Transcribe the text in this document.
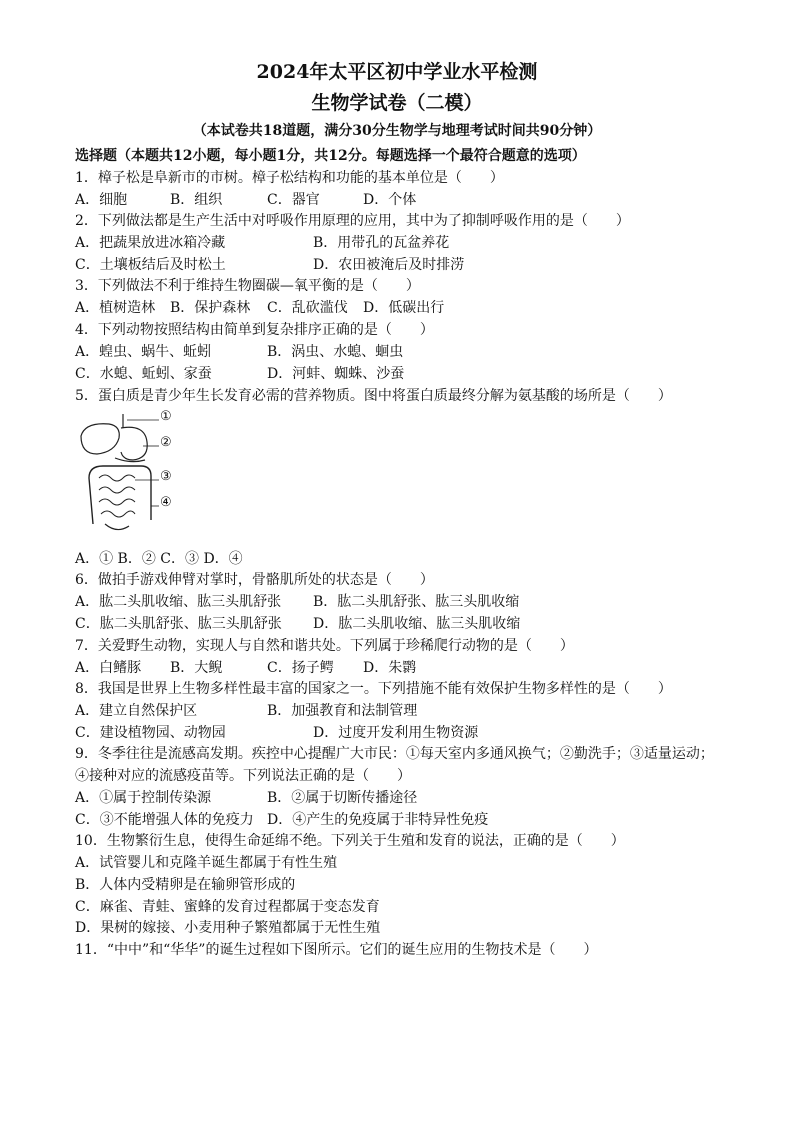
2024年太平区初中学业水平检测
生物学试卷（二模）
（本试卷共18道题，满分30分生物学与地理考试时间共90分钟）
选择题（本题共12小题，每小题1分，共12分。每题选择一个最符合题意的选项）
1．樟子松是阜新市的市树。樟子松结构和功能的基本单位是（　　）
A．细胞	B．组织	C．器官	D．个体
2．下列做法都是生产生活中对呼吸作用原理的应用，其中为了抑制呼吸作用的是（　　）
A．把蔬果放进冰箱冷藏	B．用带孔的瓦盆养花
C．土壤板结后及时松土	D．农田被淹后及时排涝
3．下列做法不利于维持生物圈碳—氧平衡的是（　　）
A．植树造林 B．保护森林 C．乱砍滥伐 D．低碳出行
4．下列动物按照结构由简单到复杂排序正确的是（　　）
A．蝗虫、蜗牛、蚯蚓	B．涡虫、水螅、蛔虫
C．水螅、蚯蚓、家蚕	D．河蚌、蜘蛛、沙蚕
5．蛋白质是青少年生长发育必需的营养物质。图中将蛋白质最终分解为氨基酸的场所是（　　）
①
②
③
④
A．① B．② C．③ D．④
6．做拍手游戏伸臂对掌时，骨骼肌所处的状态是（　　）
A．肱二头肌收缩、肱三头肌舒张 B．肱二头肌舒张、肱三头肌收缩
C．肱二头肌舒张、肱三头肌舒张 D．肱二头肌收缩、肱三头肌收缩
7．关爱野生动物，实现人与自然和谐共处。下列属于珍稀爬行动物的是（　　）
A．白鳍豚 B．大鲵	C．扬子鳄 D．朱鹮
8．我国是世界上生物多样性最丰富的国家之一。下列措施不能有效保护生物多样性的是（　　）
A．建立自然保护区	B．加强教育和法制管理
C．建设植物园、动物园	D．过度开发利用生物资源
9．冬季往往是流感高发期。疾控中心提醒广大市民：①每天室内多通风换气；②勤洗手；③适量运动；
④接种对应的流感疫苗等。下列说法正确的是（　　）
A．①属于控制传染源	B．②属于切断传播途径
C．③不能增强人体的免疫力 D．④产生的免疫属于非特异性免疫
10．生物繁衍生息，使得生命延绵不绝。下列关于生殖和发育的说法，正确的是（　　）
A．试管婴儿和克隆羊诞生都属于有性生殖
B．人体内受精卵是在输卵管形成的
C．麻雀、青蛙、蜜蜂的发育过程都属于变态发育
D．果树的嫁接、小麦用种子繁殖都属于无性生殖
11．“中中”和“华华”的诞生过程如下图所示。它们的诞生应用的生物技术是（　　）
